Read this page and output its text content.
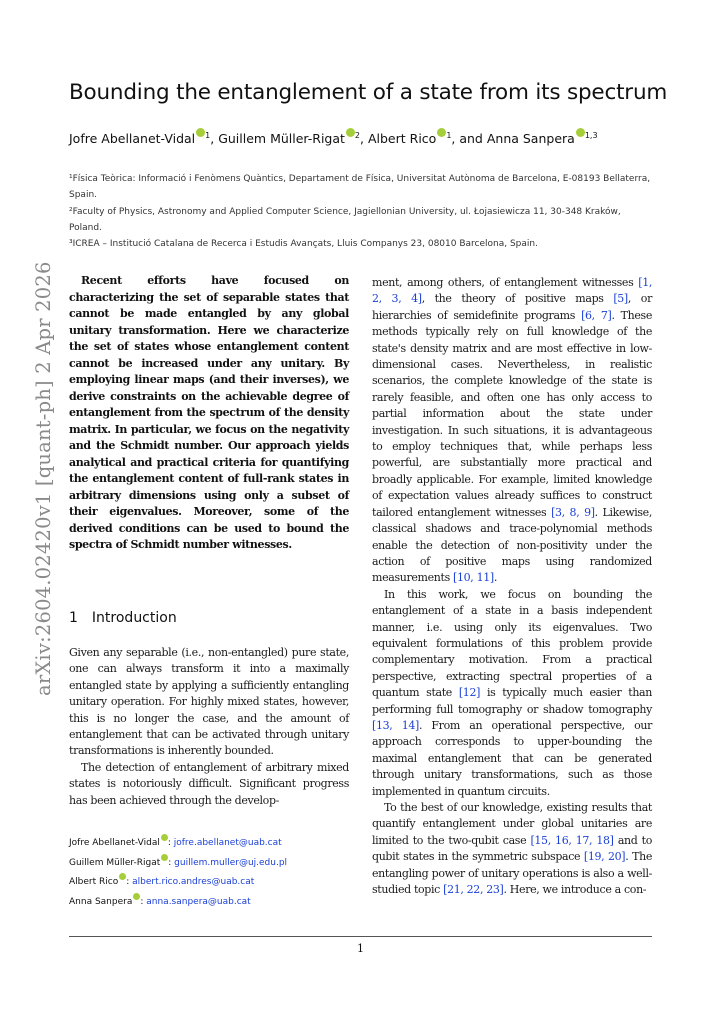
arXiv:2604.02420v1 [quant-ph] 2 Apr 2026
Bounding the entanglement of a state from its spectrum
Jofre Abellanet-Vidal $^1$, Guillem Müller-Rigat $^2$, Albert Rico $^1$, and Anna Sanpera $^{1,3}$
¹Física Teòrica: Informació i Fenòmens Quàntics, Departament de Física, Universitat Autònoma de Barcelona, E-08193 Bellaterra, Spain.
²Faculty of Physics, Astronomy and Applied Computer Science, Jagiellonian University, ul. Łojasiewicza 11, 30-348 Kraków, Poland.
³ICREA – Institució Catalana de Recerca i Estudis Avançats, Lluis Companys 23, 08010 Barcelona, Spain.
Recent efforts have focused on characterizing the set of separable states that cannot be made entangled by any global unitary transformation. Here we characterize the set of states whose entanglement content cannot be increased under any unitary. By employing linear maps (and their inverses), we derive constraints on the achievable degree of entanglement from the spectrum of the density matrix. In particular, we focus on the negativity and the Schmidt number. Our approach yields analytical and practical criteria for quantifying the entanglement content of full-rank states in arbitrary dimensions using only a subset of their eigenvalues. Moreover, some of the derived conditions can be used to bound the spectra of Schmidt number witnesses.
1 Introduction

Given any separable (i.e., non-entangled) pure state, one can always transform it into a maximally entangled state by applying a sufficiently entangling unitary operation. For highly mixed states, however, this is no longer the case, and the amount of entanglement that can be activated through unitary transformations is inherently bounded.

The detection of entanglement of arbitrary mixed states is notoriously difficult. Significant progress has been achieved through the develop-

Jofre Abellanet-Vidal : jofre.abellanet@uab.cat
Guillem Müller-Rigat : guillem.muller@uj.edu.pl
Albert Rico : albert.rico.andres@uab.cat
Anna Sanpera : anna.sanpera@uab.cat

ment, among others, of entanglement witnesses [1, 2, 3, 4], the theory of positive maps [5], or hierarchies of semidefinite programs [6, 7]. These methods typically rely on full knowledge of the state's density matrix and are most effective in low-dimensional cases. Nevertheless, in realistic scenarios, the complete knowledge of the state is rarely feasible, and often one has only access to partial information about the state under investigation. In such situations, it is advantageous to employ techniques that, while perhaps less powerful, are substantially more practical and broadly applicable. For example, limited knowledge of expectation values already suffices to construct tailored entanglement witnesses [3, 8, 9]. Likewise, classical shadows and trace-polynomial methods enable the detection of non-positivity under the action of positive maps using randomized measurements [10, 11].

In this work, we focus on bounding the entanglement of a state in a basis independent manner, i.e. using only its eigenvalues. Two equivalent formulations of this problem provide complementary motivation. From a practical perspective, extracting spectral properties of a quantum state [12] is typically much easier than performing full tomography or shadow tomography [13, 14]. From an operational perspective, our approach corresponds to upper-bounding the maximal entanglement that can be generated through unitary transformations, such as those implemented in quantum circuits.

To the best of our knowledge, existing results that quantify entanglement under global unitaries are limited to the two-qubit case [15, 16, 17, 18] and to qubit states in the symmetric subspace [19, 20]. The entangling power of unitary operations is also a well-studied topic [21, 22, 23]. Here, we introduce a con-

1
